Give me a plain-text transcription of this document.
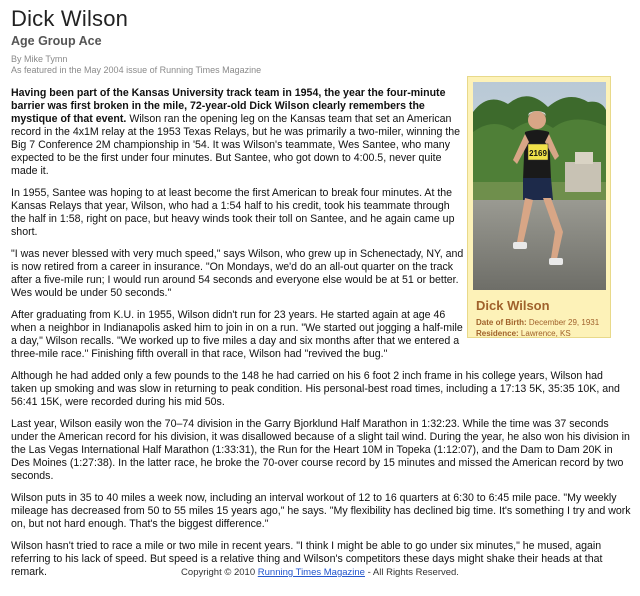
Dick Wilson
Age Group Ace
By Mike Tymn
As featured in the May 2004 issue of Running Times Magazine
Having been part of the Kansas University track team in 1954, the year the four-minute barrier was first broken in the mile, 72-year-old Dick Wilson clearly remembers the mystique of that event. Wilson ran the opening leg on the Kansas team that set an American record in the 4x1M relay at the 1953 Texas Relays, but he was primarily a two-miler, winning the Big 7 Conference 2M championship in '54. It was Wilson's teammate, Wes Santee, who many expected to be the first under four minutes. But Santee, who got down to 4:00.5, never quite made it.
In 1955, Santee was hoping to at least become the first American to break four minutes. At the Kansas Relays that year, Wilson, who had a 1:54 half to his credit, took his teammate through the half in 1:58, right on pace, but heavy winds took their toll on Santee, and he again came up short.
"I was never blessed with very much speed," says Wilson, who grew up in Schenectady, NY, and is now retired from a career in insurance. "On Mondays, we'd do an all-out quarter on the track after a five-mile run; I would run around 54 seconds and everyone else would be at 51 or better. Wes would be under 50 seconds."
After graduating from K.U. in 1955, Wilson didn't run for 23 years. He started again at age 46 when a neighbor in Indianapolis asked him to join in on a run. "We started out jogging a half-mile a day," Wilson recalls. "We worked up to five miles a day and six months after that we entered a three-mile race." Finishing fifth overall in that race, Wilson had "revived the bug."
Although he had added only a few pounds to the 148 he had carried on his 6 foot 2 inch frame in his college years, Wilson had taken up smoking and was slow in returning to peak condition. His personal-best road times, including a 17:13 5K, 35:35 10K, and 56:41 15K, were recorded during his mid 50s.
Last year, Wilson easily won the 70–74 division in the Garry Bjorklund Half Marathon in 1:32:23. While the time was 37 seconds under the American record for his division, it was disallowed because of a slight tail wind. During the year, he also won his division in the Las Vegas International Half Marathon (1:33:31), the Run for the Heart 10M in Topeka (1:12:07), and the Dam to Dam 20K in Des Moines (1:27:38). In the latter race, he broke the 70-over course record by 15 minutes and missed the American record by two seconds.
Wilson puts in 35 to 40 miles a week now, including an interval workout of 12 to 16 quarters at 6:30 to 6:45 mile pace. "My weekly mileage has decreased from 50 to 55 miles 15 years ago," he says. "My flexibility has declined big time. It's something I try and work on, but not hard enough. That's the biggest difference."
Wilson hasn't tried to race a mile or two mile in recent years. "I think I might be able to go under six minutes," he mused, again referring to his lack of speed. But speed is a relative thing and Wilson's competitors these days might shake their heads at that remark.
2169
Dick Wilson
Date of Birth: December 29, 1931
Residence: Lawrence, KS
Copyright © 2010 Running Times Magazine - All Rights Reserved.
